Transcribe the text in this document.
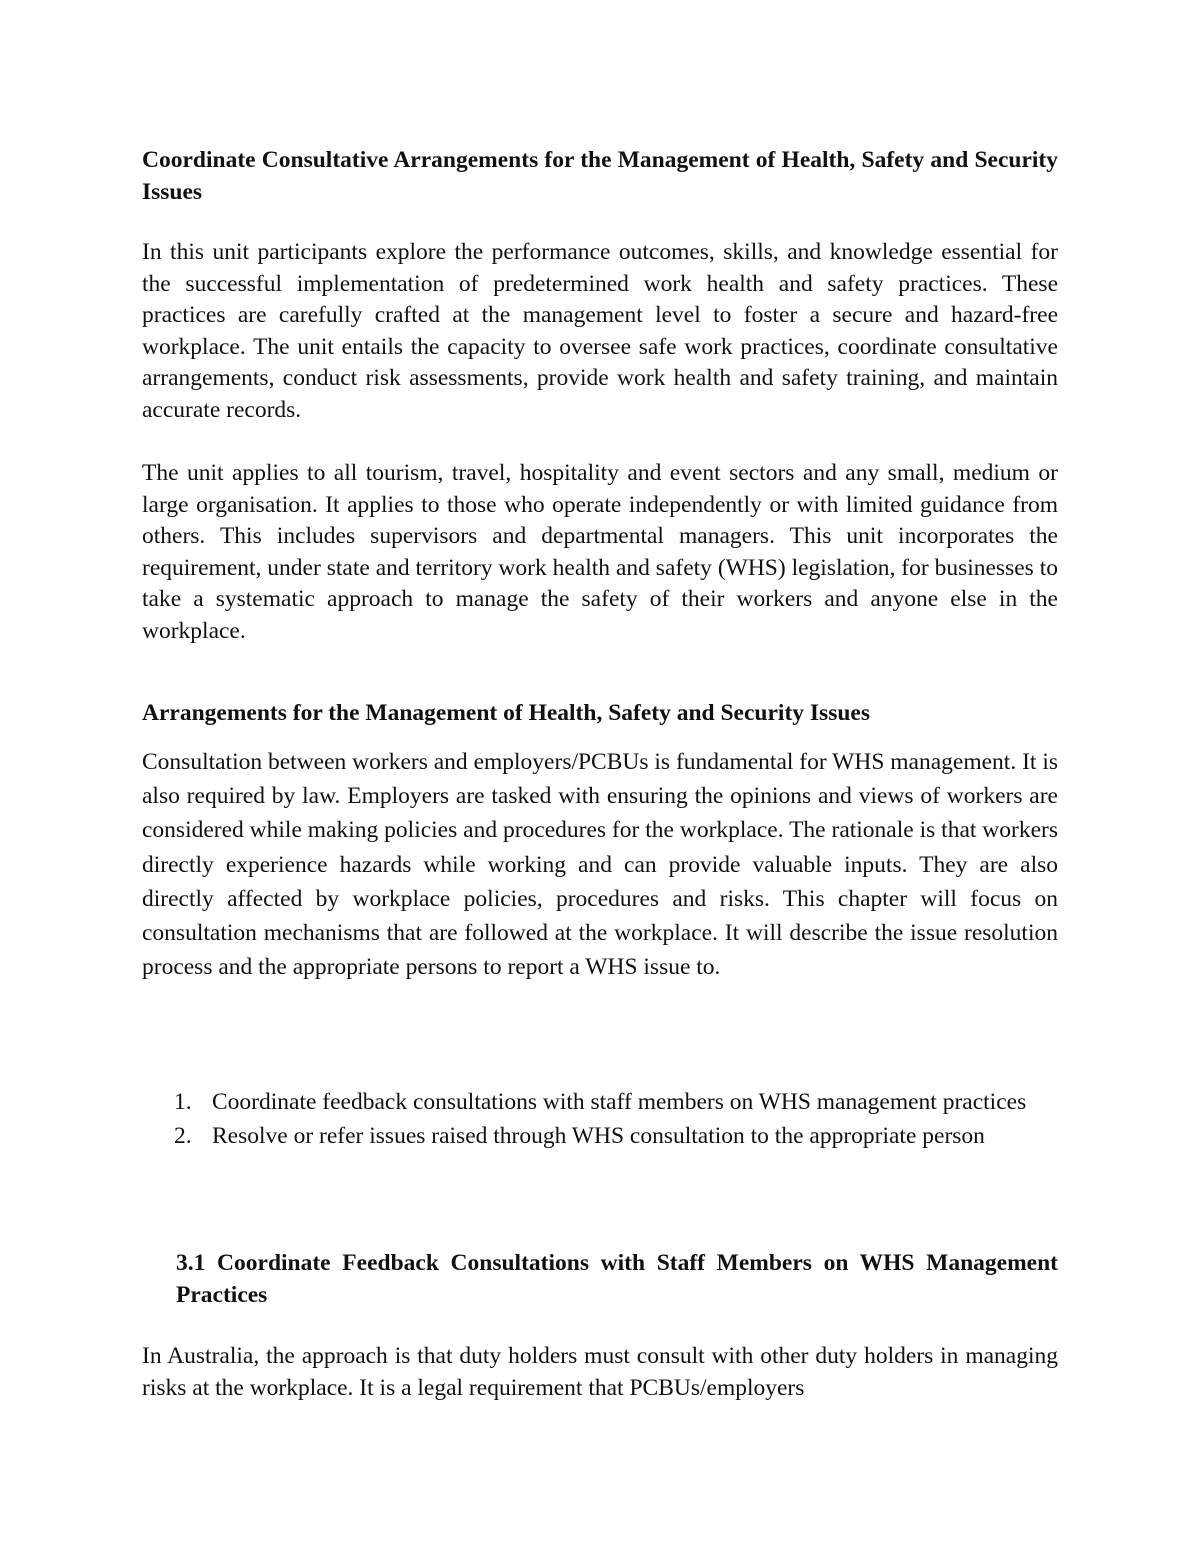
Coordinate Consultative Arrangements for the Management of Health, Safety and Security Issues

In this unit participants explore the performance outcomes, skills, and knowledge essential for the successful implementation of predetermined work health and safety practices. These practices are carefully crafted at the management level to foster a secure and hazard-free workplace. The unit entails the capacity to oversee safe work practices, coordinate consultative arrangements, conduct risk assessments, provide work health and safety training, and maintain accurate records.

The unit applies to all tourism, travel, hospitality and event sectors and any small, medium or large organisation. It applies to those who operate independently or with limited guidance from others. This includes supervisors and departmental managers. This unit incorporates the requirement, under state and territory work health and safety (WHS) legislation, for businesses to take a systematic approach to manage the safety of their workers and anyone else in the workplace.

Arrangements for the Management of Health, Safety and Security Issues

Consultation between workers and employers/PCBUs is fundamental for WHS management. It is also required by law. Employers are tasked with ensuring the opinions and views of workers are considered while making policies and procedures for the workplace. The rationale is that workers directly experience hazards while working and can provide valuable inputs. They are also directly affected by workplace policies, procedures and risks. This chapter will focus on consultation mechanisms that are followed at the workplace. It will describe the issue resolution process and the appropriate persons to report a WHS issue to.

1. Coordinate feedback consultations with staff members on WHS management practices
2. Resolve or refer issues raised through WHS consultation to the appropriate person

3.1 Coordinate Feedback Consultations with Staff Members on WHS Management Practices

In Australia, the approach is that duty holders must consult with other duty holders in managing risks at the workplace. It is a legal requirement that PCBUs/employers
